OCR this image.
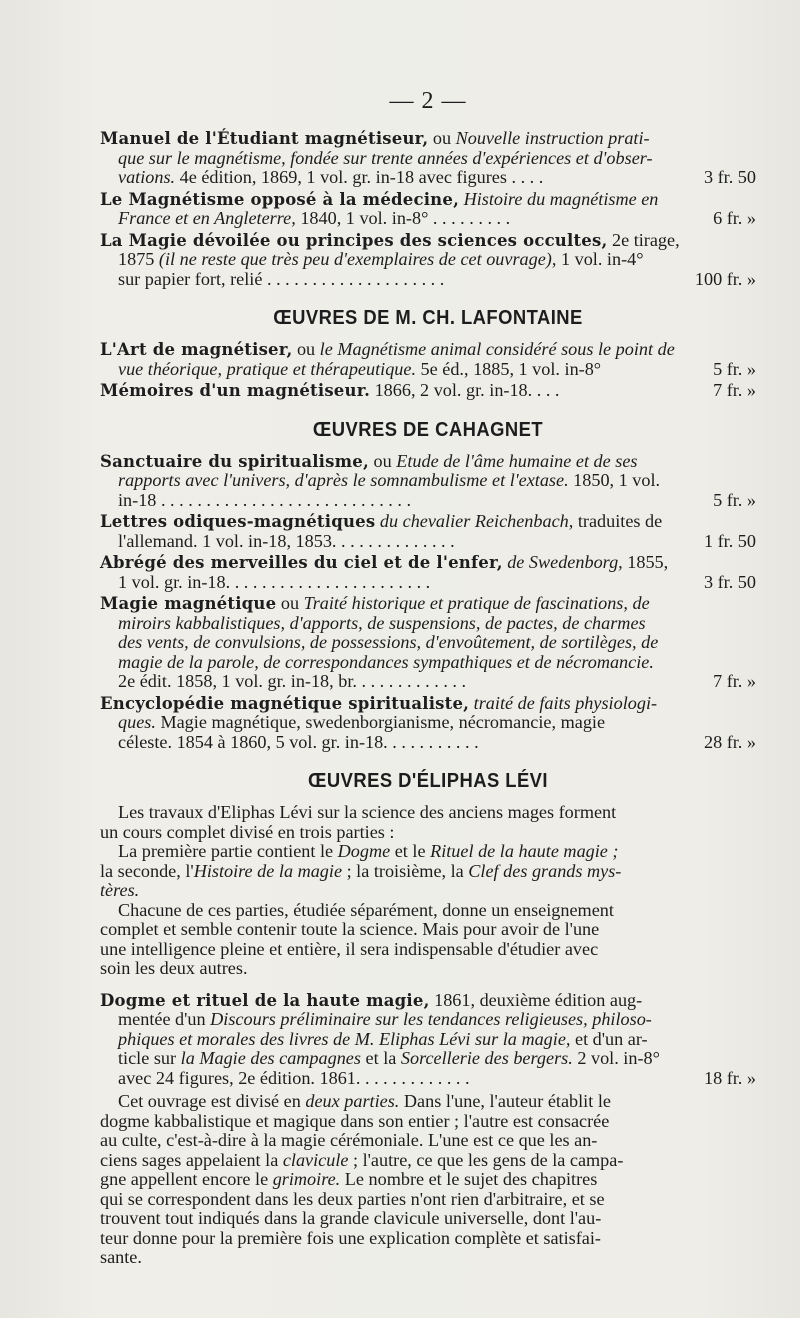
— 2 —
Manuel de l'Étudiant magnétiseur, ou Nouvelle instruction prati-
que sur le magnétisme, fondée sur trente années d'expériences et d'obser-
vations. 4e édition, 1869, 1 vol. gr. in-18 avec figures . . . .	3 fr. 50
Le Magnétisme opposé à la médecine, Histoire du magnétisme en
France et en Angleterre, 1840, 1 vol. in-8° . . . . . . . . .	6 fr. »
La Magie dévoilée ou principes des sciences occultes, 2e tirage,
1875 (il ne reste que très peu d'exemplaires de cet ouvrage), 1 vol. in-4°
sur papier fort, relié . . . . . . . . . . . . . . . . . . . .	100 fr. »
ŒUVRES DE M. CH. LAFONTAINE
L'Art de magnétiser, ou le Magnétisme animal considéré sous le point de
vue théorique, pratique et thérapeutique. 5e éd., 1885, 1 vol. in-8°	5 fr. »
Mémoires d'un magnétiseur. 1866, 2 vol. gr. in-18. . . .	7 fr. »
ŒUVRES DE CAHAGNET
Sanctuaire du spiritualisme, ou Etude de l'âme humaine et de ses
rapports avec l'univers, d'après le somnambulisme et l'extase. 1850, 1 vol.
in-18 . . . . . . . . . . . . . . . . . . . . . . . . . . . .	5 fr. »
Lettres odiques-magnétiques du chevalier Reichenbach, traduites de
l'allemand. 1 vol. in-18, 1853. . . . . . . . . . . . . .	1 fr. 50
Abrégé des merveilles du ciel et de l'enfer, de Swedenborg, 1855,
1 vol. gr. in-18. . . . . . . . . . . . . . . . . . . . . . .	3 fr. 50
Magie magnétique ou Traité historique et pratique de fascinations, de
miroirs kabbalistiques, d'apports, de suspensions, de pactes, de charmes
des vents, de convulsions, de possessions, d'envoûtement, de sortilèges, de
magie de la parole, de correspondances sympathiques et de nécromancie.
2e édit. 1858, 1 vol. gr. in-18, br. . . . . . . . . . . . .	7 fr. »
Encyclopédie magnétique spiritualiste, traité de faits physiologi-
ques. Magie magnétique, swedenborgianisme, nécromancie, magie
céleste. 1854 à 1860, 5 vol. gr. in-18. . . . . . . . . . .	28 fr. »
ŒUVRES D'ÉLIPHAS LÉVI
Les travaux d'Eliphas Lévi sur la science des anciens mages forment
un cours complet divisé en trois parties :
La première partie contient le Dogme et le Rituel de la haute magie ;
la seconde, l'Histoire de la magie ; la troisième, la Clef des grands mys-
tères.
Chacune de ces parties, étudiée séparément, donne un enseignement
complet et semble contenir toute la science. Mais pour avoir de l'une
une intelligence pleine et entière, il sera indispensable d'étudier avec
soin les deux autres.
Dogme et rituel de la haute magie, 1861, deuxième édition aug-
mentée d'un Discours préliminaire sur les tendances religieuses, philoso-
phiques et morales des livres de M. Eliphas Lévi sur la magie, et d'un ar-
ticle sur la Magie des campagnes et la Sorcellerie des bergers. 2 vol. in-8°
avec 24 figures, 2e édition. 1861. . . . . . . . . . . . .	18 fr. »
Cet ouvrage est divisé en deux parties. Dans l'une, l'auteur établit le
dogme kabbalistique et magique dans son entier ; l'autre est consacrée
au culte, c'est-à-dire à la magie cérémoniale. L'une est ce que les an-
ciens sages appelaient la clavicule ; l'autre, ce que les gens de la campa-
gne appellent encore le grimoire. Le nombre et le sujet des chapitres
qui se correspondent dans les deux parties n'ont rien d'arbitraire, et se
trouvent tout indiqués dans la grande clavicule universelle, dont l'au-
teur donne pour la première fois une explication complète et satisfai-
sante.
